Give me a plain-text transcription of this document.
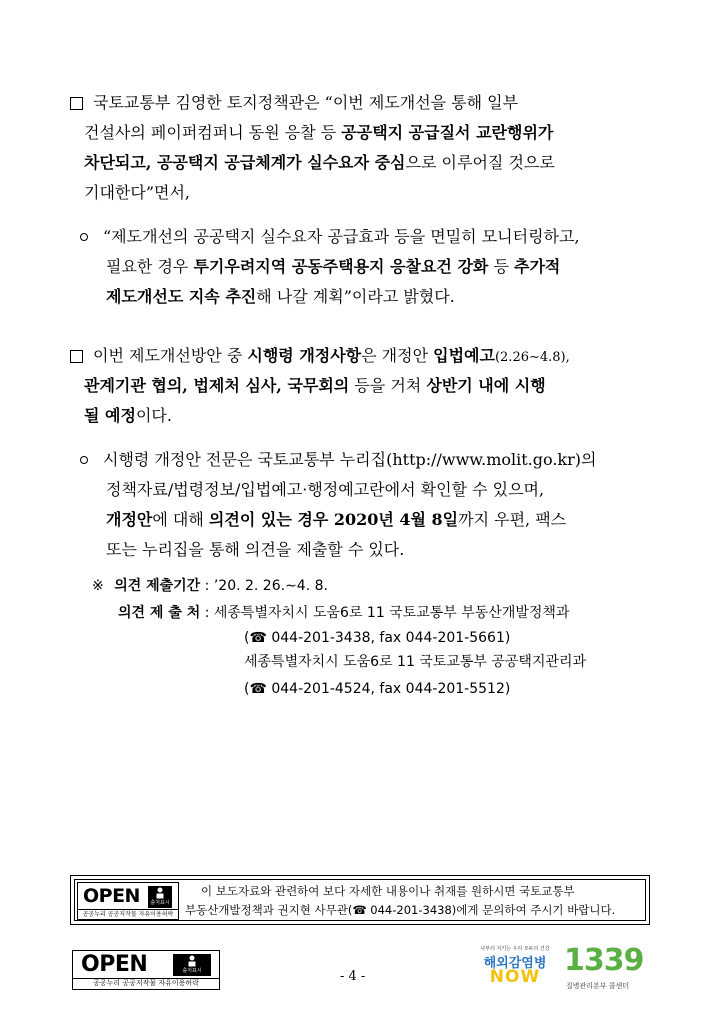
국토교통부 김영한 토지정책관은 “이번 제도개선을 통해 일부
건설사의 페이퍼컴퍼니 동원 응찰 등 공공택지 공급질서 교란행위가
차단되고, 공공택지 공급체계가 실수요자 중심으로 이루어질 것으로
기대한다”면서,
“제도개선의 공공택지 실수요자 공급효과 등을 면밀히 모니터링하고,
필요한 경우 투기우려지역 공동주택용지 응찰요건 강화 등 추가적
제도개선도 지속 추진해 나갈 계획”이라고 밝혔다.
이번 제도개선방안 중 시행령 개정사항은 개정안 입법예고(2.26∼4.8),
관계기관 협의, 법제처 심사, 국무회의 등을 거쳐 상반기 내에 시행
될 예정이다.
시행령 개정안 전문은 국토교통부 누리집(http://www.molit.go.kr)의
정책자료/법령정보/입법예고·행정예고란에서 확인할 수 있으며,
개정안에 대해 의견이 있는 경우 2020년 4월 8일까지 우편, 팩스
또는 누리집을 통해 의견을 제출할 수 있다.
※ 의견 제출기간 : ’20. 2. 26.∼4. 8.
의견 제 출 처 : 세종특별자치시 도움6로 11 국토교통부 부동산개발정책과
(☎ 044-201-3438, fax 044-201-5661)
세종특별자치시 도움6로 11 국토교통부 공공택지관리과
(☎ 044-201-4524, fax 044-201-5512)
OPEN	출처표시
공공누리 공공저작물 자유이용허락
이 보도자료와 관련하여 보다 자세한 내용이나 취재를 원하시면 국토교통부
부동산개발정책과 권지현 사무관(☎ 044-201-3438)에게 문의하여 주시기 바랍니다.
OPEN	출처표시
공공누리 공공저작물 자유이용허락	- 4 -
나부터 지키는 우리 모두의 건강
해외감염병
NOW 1339
질병관리본부 콜센터
